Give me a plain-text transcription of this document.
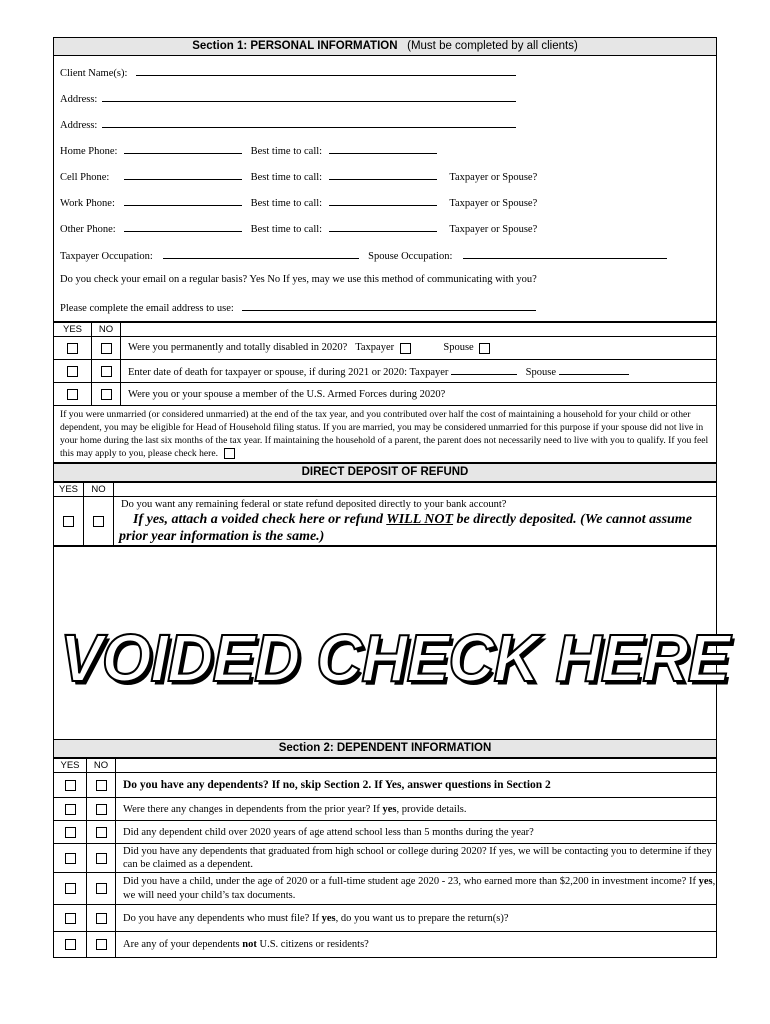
Section 1: PERSONAL INFORMATION (Must be completed by all clients)
Client Name(s):
Address:
Address:
Home Phone:	Best time to call:
Cell Phone:	Best time to call:	Taxpayer or Spouse?
Work Phone:	Best time to call:	Taxpayer or Spouse?
Other Phone:	Best time to call:	Taxpayer or Spouse?
Taxpayer Occupation:	Spouse Occupation:
Do you check your email on a regular basis? Yes No If yes, may we use this method of communicating with you?
Please complete the email address to use:
YES	NO	
		Were you permanently and totally disabled in 2020? Taxpayer Spouse
		Enter date of death for taxpayer or spouse, if during 2021 or 2020: Taxpayer Spouse
		Were you or your spouse a member of the U.S. Armed Forces during 2020?
If you were unmarried (or considered unmarried) at the end of the tax year, and you contributed over half the cost of maintaining a household for your child or other dependent, you may be eligible for Head of Household filing status. If you are married, you may be considered unmarried for this purpose if your spouse did not live in your home during the last six months of the tax year. If maintaining the household of a parent, the parent does not necessarily need to live with you to qualify. If you feel this may apply to you, please check here.		
DIRECT DEPOSIT OF REFUND
YES	NO	

		Do you want any remaining federal or state refund deposited directly to your bank account?
If yes, attach a voided check here or refund WILL NOT be directly deposited. (We cannot assume prior year information is the same.)
VOIDED CHECK HERE
Section 2: DEPENDENT INFORMATION
YES	NO	
		Do you have any dependents? If no, skip Section 2. If Yes, answer questions in Section 2
		Were there any changes in dependents from the prior year? If yes, provide details.
		Did any dependent child over 2020 years of age attend school less than 5 months during the year?
		Did you have any dependents that graduated from high school or college during 2020? If yes, we will be contacting you to determine if they can be claimed as a dependent.
		Did you have a child, under the age of 2020 or a full-time student age 2020 - 23, who earned more than $2,200 in investment income? If yes, we will need your child’s tax documents.
		Do you have any dependents who must file? If yes, do you want us to prepare the return(s)?
		Are any of your dependents not U.S. citizens or residents?
